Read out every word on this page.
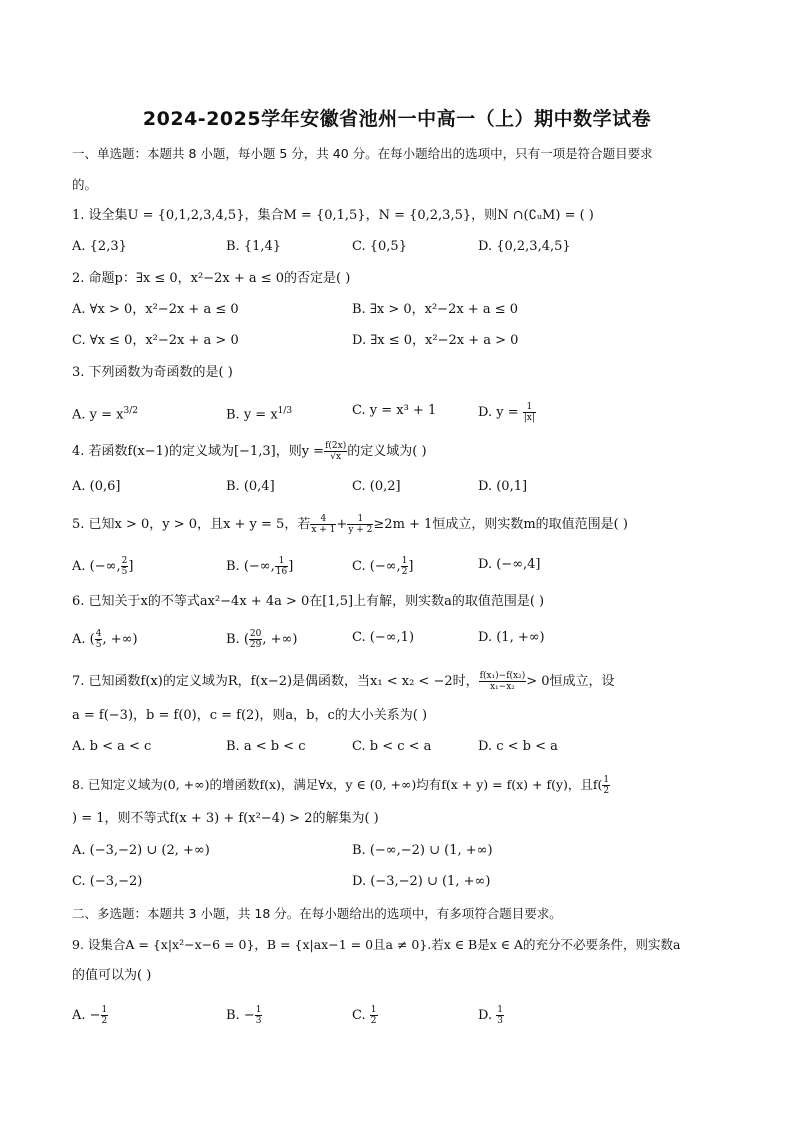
2024-2025学年安徽省池州一中高一（上）期中数学试卷
一、单选题：本题共 8 小题，每小题 5 分，共 40 分。在每小题给出的选项中，只有一项是符合题目要求
的。
1. 设全集U = {0,1,2,3,4,5}，集合M = {0,1,5}，N = {0,2,3,5}，则N ∩(∁ᵤM) = ( )
A. {2,3}	B. {1,4}	C. {0,5}	D. {0,2,3,4,5}
2. 命题p：∃x ≤ 0，x²−2x + a ≤ 0的否定是( )
A. ∀x > 0，x²−2x + a ≤ 0	B. ∃x > 0，x²−2x + a ≤ 0
C. ∀x ≤ 0，x²−2x + a > 0	D. ∃x ≤ 0，x²−2x + a > 0
3. 下列函数为奇函数的是( )
A. $y = x^{3/2}$	B. $y = x^{1/3}$	C. y = x³ + 1	D. $y = \frac{1}{|x|}$
4. 若函数f(x−1)的定义域为[−1,3]，则$y = \frac{f(2x)}{√x}$ 的定义域为( )
A. (0,6]	B. (0,4]	C. (0,2]	D. (0,1]
5. 已知x > 0，y > 0，且x + y = 5，若 $\frac{4}{x + 1} + \frac{1}{y + 2} \ge 2m + 1$恒成立，则实数m的取值范围是( )
A. (−∞, $\frac{2}{5}$ ]	B. (−∞, $\frac{1}{16}$ ]	C. (−∞, $\frac{1}{2}$ ]	D. (−∞,4]
6. 已知关于x的不等式ax²−4x + 4a > 0在[1,5]上有解，则实数a的取值范围是( )
A. ( $\frac{4}{5}$ , +∞)	B. ( $\frac{20}{29}$ , +∞)	C. (−∞,1)	D. (1, +∞)
7. 已知函数f(x)的定义域为R，f(x−2)是偶函数，当x₁ < x₂ < −2时， $\frac{\text{f(x₁)−f(x₂)}}{\text{x₁−x₂}} > 0$恒成立，设
a = f(−3)，b = f(0)，c = f(2)，则a，b，c的大小关系为( )
A. b < a < c	B. a < b < c	C. b < c < a	D. c < b < a
8. 已知定义域为(0, +∞)的增函数f(x)，满足∀x，y ∈ (0, +∞)均有f(x + y) = f(x) + f(y)，且$f( \frac{1}{2}$
) = 1，则不等式f(x + 3) + f(x²−4) > 2的解集为( )
A. (−3,−2) ∪ (2, +∞)	B. (−∞,−2) ∪ (1, +∞)
C. (−3,−2)	D. (−3,−2) ∪ (1, +∞)
二、多选题：本题共 3 小题，共 18 分。在每小题给出的选项中，有多项符合题目要求。
9. 设集合A = {x|x²−x−6 = 0}，B = {x|ax−1 = 0且a ≠ 0}.若x ∈ B是x ∈ A的充分不必要条件，则实数a
的值可以为( )
A. − $\frac{1}{2}$	B. − $\frac{1}{3}$	C. $\frac{1}{2}$	D. $\frac{1}{3}$
